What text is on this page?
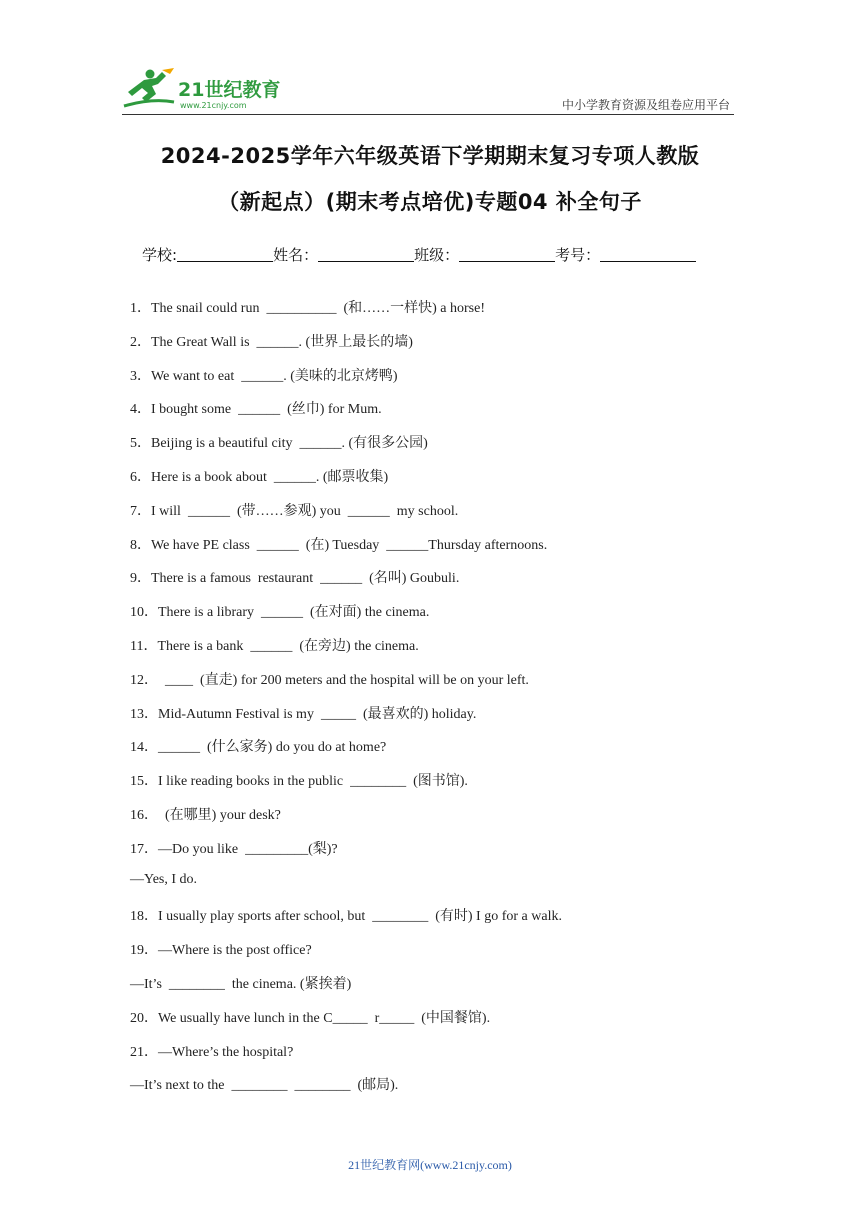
21世纪教育
www.21cnjy.com	中小学教育资源及组卷应用平台
2024-2025学年六年级英语下学期期末复习专项人教版
（新起点）(期末考点培优)专题04 补全句子
学校:	姓名：	班级：	考号：
1．The snail could run  __________  (和……一样快) a horse!
2．The Great Wall is  ______. (世界上最长的墙)
3．We want to eat  ______. (美味的北京烤鸭)
4．I bought some  ______  (丝巾) for Mum.
5．Beijing is a beautiful city  ______. (有很多公园)
6．Here is a book about  ______. (邮票收集)
7．I will  ______  (带……参观) you  ______  my school.
8．We have PE class  ______  (在) Tuesday  ______Thursday afternoons.
9．There is a famous  restaurant  ______  (名叫) Goubuli.
10．There is a library  ______  (在对面) the cinema.
11．There is a bank  ______  (在旁边) the cinema.
12．  ____  (直走) for 200 meters and the hospital will be on your left.
13．Mid-Autumn Festival is my  _____  (最喜欢的) holiday.
14．______  (什么家务) do you do at home?
15．I like reading books in the public  ________  (图书馆).
16．  (在哪里) your desk?
17．—Do you like  _________(梨)?
—Yes, I do.
18．I usually play sports after school, but  ________  (有时) I go for a walk.
19．—Where is the post office?
—It’s  ________  the cinema. (紧挨着)
20．We usually have lunch in the C_____  r_____  (中国餐馆).
21．—Where’s the hospital?
—It’s next to the  ________  ________  (邮局).
21世纪教育网(www.21cnjy.com)
